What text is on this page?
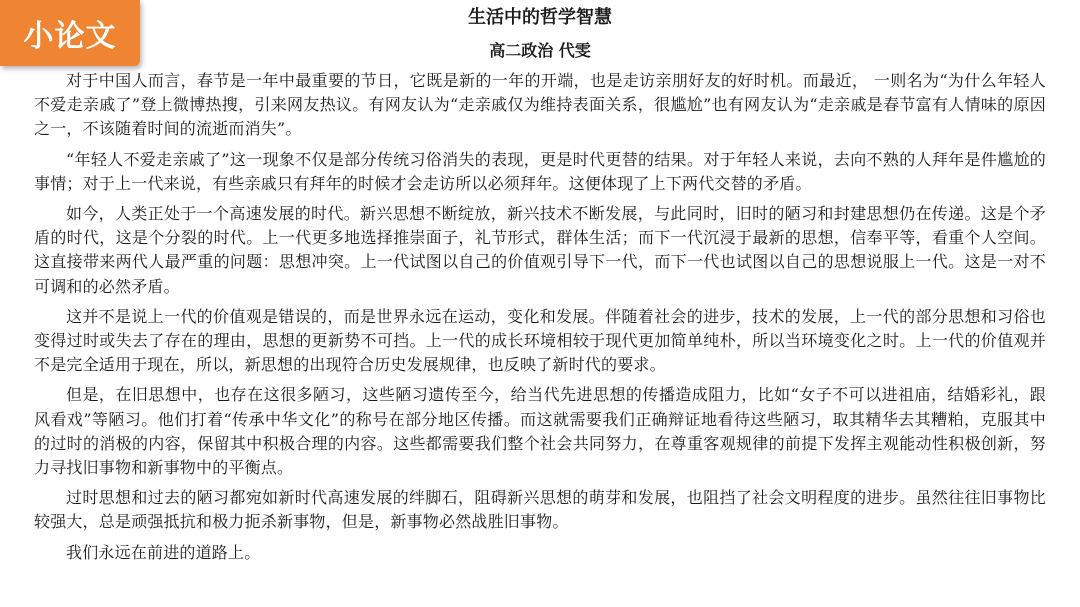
小论文
生活中的哲学智慧
高二政治 代雯

对于中国人而言，春节是一年中最重要的节日，它既是新的一年的开端，也是走访亲朋好友的好时机。而最近， 一则名为“为什么年轻人不爱走亲戚了”登上微博热搜，引来网友热议。有网友认为“走亲戚仅为维持表面关系，很尴尬”也有网友认为“走亲戚是春节富有人情味的原因之一，不该随着时间的流逝而消失”。

“年轻人不爱走亲戚了”这一现象不仅是部分传统习俗消失的表现，更是时代更替的结果。对于年轻人来说，去向不熟的人拜年是件尴尬的事情；对于上一代来说，有些亲戚只有拜年的时候才会走访所以必须拜年。这便体现了上下两代交替的矛盾。

如今，人类正处于一个高速发展的时代。新兴思想不断绽放，新兴技术不断发展，与此同时，旧时的陋习和封建思想仍在传递。这是个矛盾的时代，这是个分裂的时代。上一代更多地选择推崇面子，礼节形式，群体生活；而下一代沉浸于最新的思想，信奉平等，看重个人空间。这直接带来两代人最严重的问题：思想冲突。上一代试图以自己的价值观引导下一代，而下一代也试图以自己的思想说服上一代。这是一对不可调和的必然矛盾。

这并不是说上一代的价值观是错误的，而是世界永远在运动，变化和发展。伴随着社会的进步，技术的发展，上一代的部分思想和习俗也变得过时或失去了存在的理由，思想的更新势不可挡。上一代的成长环境相较于现代更加简单纯朴，所以当环境变化之时。上一代的价值观并不是完全适用于现在，所以，新思想的出现符合历史发展规律，也反映了新时代的要求。

但是，在旧思想中，也存在这很多陋习，这些陋习遗传至今，给当代先进思想的传播造成阻力，比如“女子不可以进祖庙，结婚彩礼，跟风看戏”等陋习。他们打着“传承中华文化”的称号在部分地区传播。而这就需要我们正确辩证地看待这些陋习，取其精华去其糟粕，克服其中的过时的消极的内容，保留其中积极合理的内容。这些都需要我们整个社会共同努力，在尊重客观规律的前提下发挥主观能动性积极创新，努力寻找旧事物和新事物中的平衡点。

过时思想和过去的陋习都宛如新时代高速发展的绊脚石，阻碍新兴思想的萌芽和发展，也阻挡了社会文明程度的进步。虽然往往旧事物比较强大，总是顽强抵抗和极力扼杀新事物，但是，新事物必然战胜旧事物。

我们永远在前进的道路上。
